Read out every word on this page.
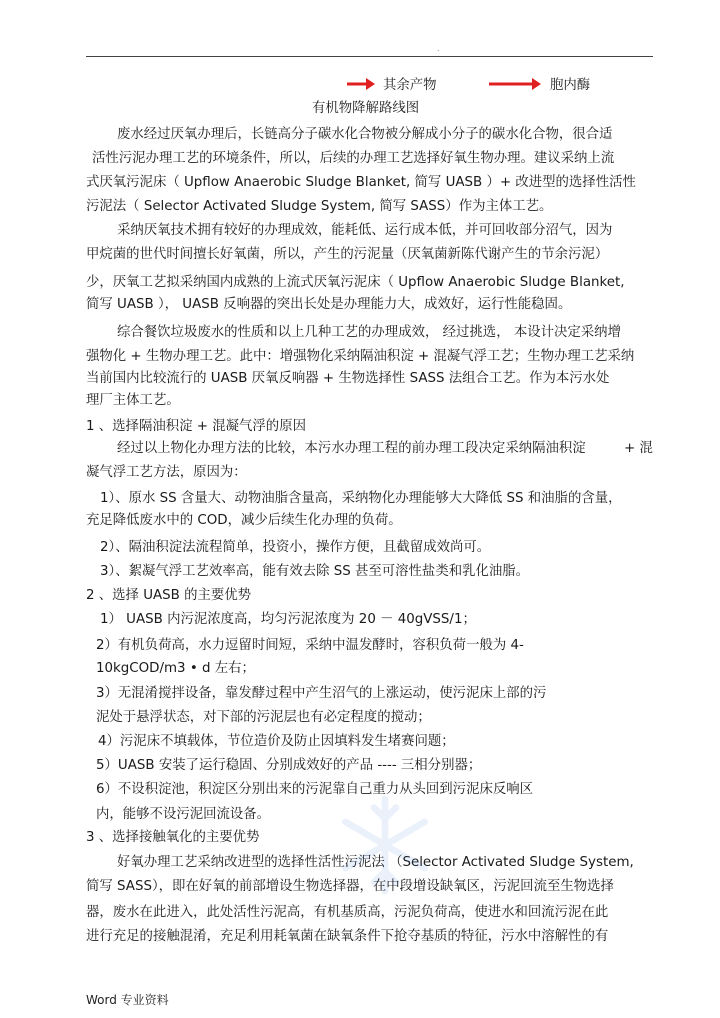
.
其余产物	胞内酶
有机物降解路线图
废水经过厌氧办理后，长链高分子碳水化合物被分解成小分子的碳水化合物，很合适
活性污泥办理工艺的环境条件，所以，后续的办理工艺选择好氧生物办理。建议采纳上流
式厌氧污泥床（ Upflow Anaerobic Sludge Blanket, 简写 UASB ）+ 改进型的选择性活性
污泥法（ Selector Activated Sludge System, 简写 SASS）作为主体工艺。
采纳厌氧技术拥有较好的办理成效，能耗低、运行成本低，并可回收部分沼气，因为
甲烷菌的世代时间擅长好氧菌，所以，产生的污泥量（厌氧菌新陈代谢产生的节余污泥）
少，厌氧工艺拟采纳国内成熟的上流式厌氧污泥床（ Upflow Anaerobic Sludge Blanket,
简写 UASB ）， UASB 反响器的突出长处是办理能力大，成效好，运行性能稳固。
综合餐饮垃圾废水的性质和以上几种工艺的办理成效， 经过挑选， 本设计决定采纳增
强物化 + 生物办理工艺。此中：增强物化采纳隔油积淀 + 混凝气浮工艺；生物办理工艺采纳
当前国内比较流行的 UASB 厌氧反响器 + 生物选择性 SASS 法组合工艺。作为本污水处
理厂主体工艺。
1 、选择隔油积淀 + 混凝气浮的原因
经过以上物化办理方法的比较，本污水办理工程的前办理工段决定采纳隔油积淀	+ 混
凝气浮工艺方法，原因为：
1）、原水 SS 含量大、动物油脂含量高，采纳物化办理能够大大降低 SS 和油脂的含量，
充足降低废水中的 COD，减少后续生化办理的负荷。
2）、隔油积淀法流程简单，投资小，操作方便，且截留成效尚可。
3）、絮凝气浮工艺效率高，能有效去除 SS 甚至可溶性盐类和乳化油脂。
2 、选择 UASB 的主要优势
1） UASB 内污泥浓度高，均匀污泥浓度为 20 － 40gVSS/1；
2）有机负荷高，水力逗留时间短，采纳中温发酵时，容积负荷一般为 4-
10kgCOD/m3 • d 左右；
3）无混淆搅拌设备，靠发酵过程中产生沼气的上涨运动，使污泥床上部的污
泥处于悬浮状态，对下部的污泥层也有必定程度的搅动；
4）污泥床不填载体，节位造价及防止因填料发生堵赛问题；
5）UASB 安装了运行稳固、分别成效好的产品 ---- 三相分别器；
6）不设积淀池，积淀区分别出来的污泥靠自己重力从头回到污泥床反响区
内，能够不设污泥回流设备。
3 、选择接触氧化的主要优势
好氧办理工艺采纳改进型的选择性活性污泥法 （Selector Activated Sludge System,
简写 SASS），即在好氧的前部增设生物选择器，在中段增设缺氧区，污泥回流至生物选择
器，废水在此进入，此处活性污泥高，有机基质高，污泥负荷高，使进水和回流污泥在此
进行充足的接触混淆，充足利用耗氧菌在缺氧条件下抢夺基质的特征，污水中溶解性的有
Word 专业资料
